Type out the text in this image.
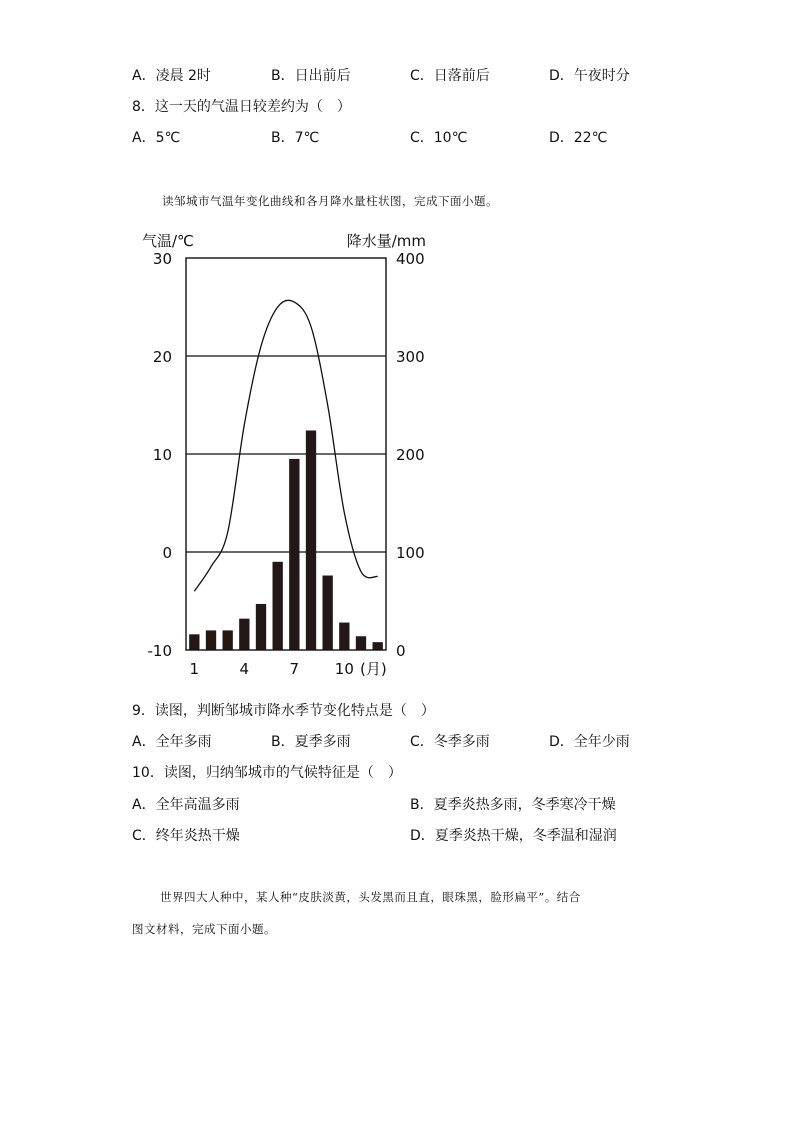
A．凌晨 2时	B．日出前后	C．日落前后	D．午夜时分
8．这一天的气温日较差约为（　）
A．5℃	B．7℃	C．10℃	D．22℃
读邹城市气温年变化曲线和各月降水量柱状图，完成下面小题。
气温/℃	降水量/mm
30	400
20	300
10	200
0	100
-10	0
1	4	7 10 (月)
9．读图，判断邹城市降水季节变化特点是（　）
A．全年多雨	B．夏季多雨	C．冬季多雨	D．全年少雨
10．读图，归纳邹城市的气候特征是（　）
A．全年高温多雨	B．夏季炎热多雨，冬季寒冷干燥
C．终年炎热干燥	D．夏季炎热干燥，冬季温和湿润
世界四大人种中，某人种“皮肤淡黄，头发黑而且直，眼珠黑，脸形扁平”。结合
图文材料，完成下面小题。
